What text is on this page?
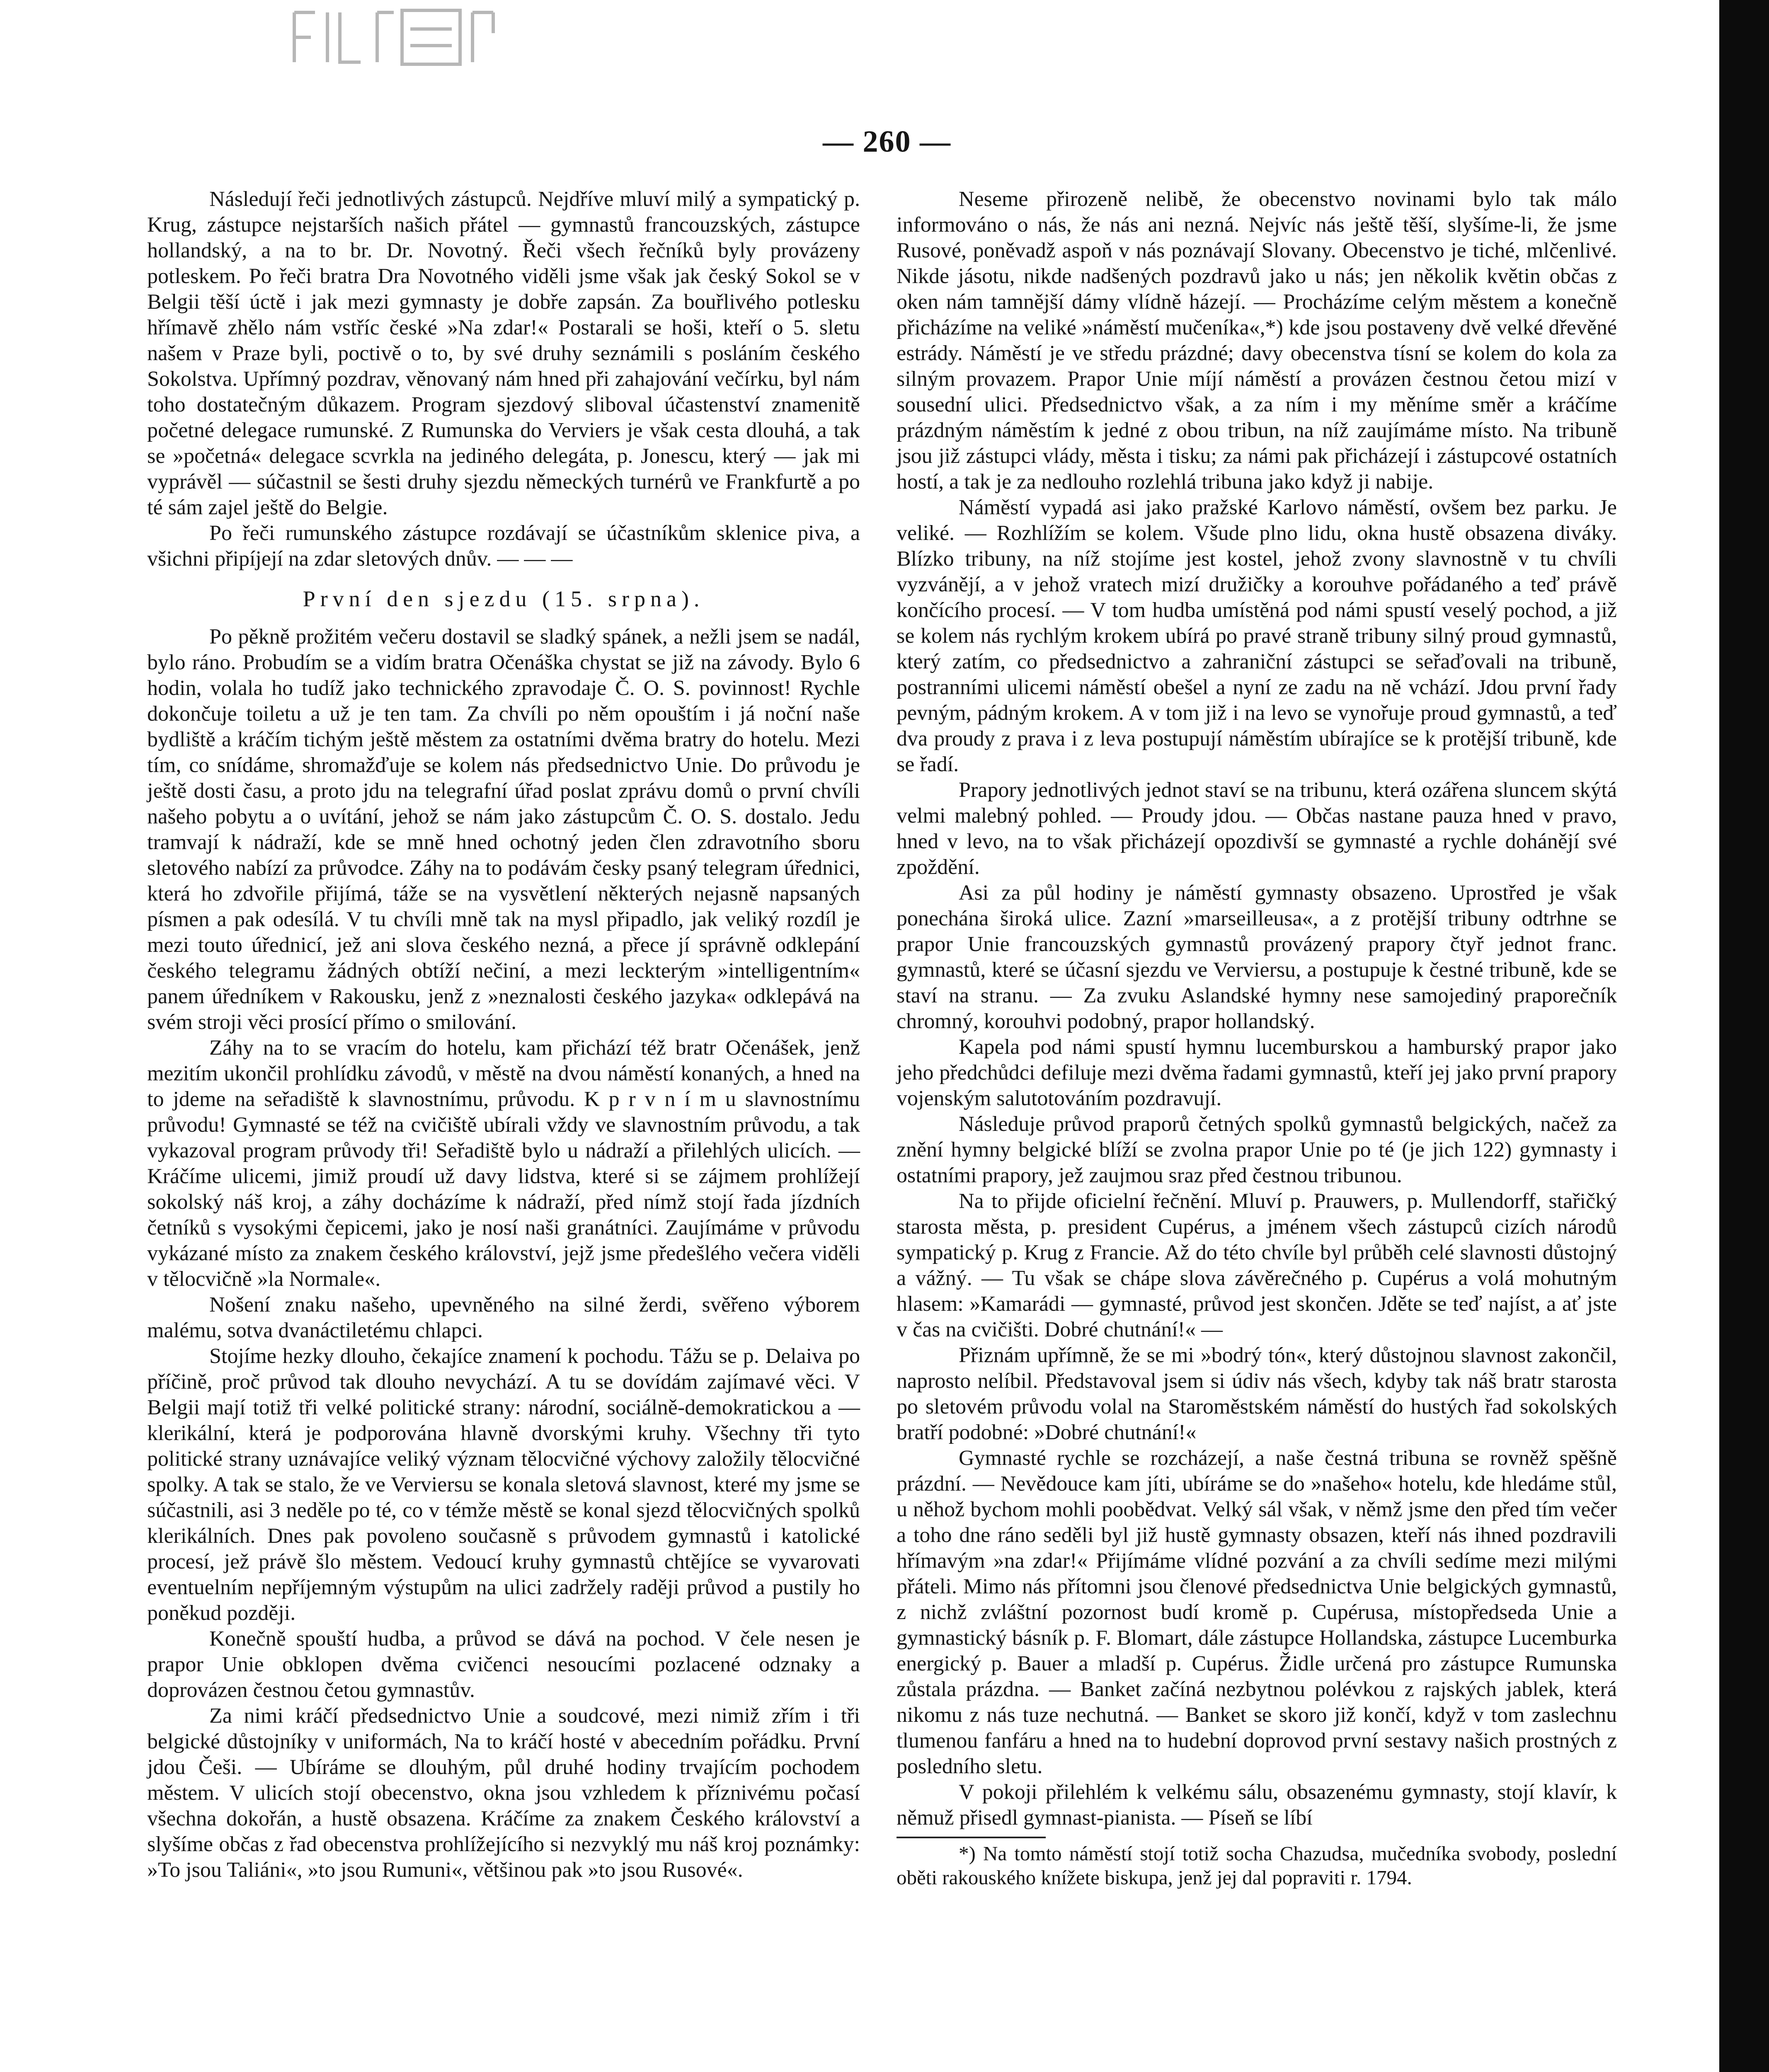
— 260 —

Následují řeči jednotlivých zástupců. Nejdříve mluví milý a sympatický p. Krug, zástupce nejstarších našich přátel — gymnastů francouzských, zástupce hollandský, a na to br. Dr. Novotný. Řeči všech řečníků byly provázeny potleskem. Po řeči bratra Dra Novotného viděli jsme však jak český Sokol se v Belgii těší úctě i jak mezi gymnasty je dobře zapsán. Za bouřlivého potlesku hřímavě zhělo nám vstříc české »Na zdar!« Postarali se hoši, kteří o 5. sletu našem v Praze byli, poctivě o to, by své druhy seznámili s posláním českého Sokolstva. Upřímný pozdrav, věnovaný nám hned při zahajování večírku, byl nám toho dostatečným důkazem. Program sjezdový sliboval účastenství znamenitě početné delegace rumunské. Z Rumunska do Verviers je však cesta dlouhá, a tak se »početná« delegace scvrkla na jediného delegáta, p. Jonescu, který — jak mi vyprávěl — súčastnil se šesti druhy sjezdu německých turnérů ve Frankfurtě a po té sám zajel ještě do Belgie.

Po řeči rumunského zástupce rozdávají se účastníkům sklenice piva, a všichni připíjejí na zdar sletových dnův. — — —

První den sjezdu (15. srpna).

Po pěkně prožitém večeru dostavil se sladký spánek, a nežli jsem se nadál, bylo ráno. Probudím se a vidím bratra Očenáška chystat se již na závody. Bylo 6 hodin, volala ho tudíž jako technického zpravodaje Č. O. S. povinnost! Rychle dokončuje toiletu a už je ten tam. Za chvíli po něm opouštím i já noční naše bydliště a kráčím tichým ještě městem za ostatními dvěma bratry do hotelu. Mezi tím, co snídáme, shromažďuje se kolem nás předsednictvo Unie. Do průvodu je ještě dosti času, a proto jdu na telegrafní úřad poslat zprávu domů o první chvíli našeho pobytu a o uvítání, jehož se nám jako zástupcům Č. O. S. dostalo. Jedu tramvají k nádraží, kde se mně hned ochotný jeden člen zdravotního sboru sletového nabízí za průvodce. Záhy na to podávám česky psaný telegram úřednici, která ho zdvořile přijímá, táže se na vysvětlení některých nejasně napsaných písmen a pak odesílá. V tu chvíli mně tak na mysl připadlo, jak veliký rozdíl je mezi touto úřednicí, jež ani slova českého nezná, a přece jí správně odklepání českého telegramu žádných obtíží nečiní, a mezi leckterým »intelligentním« panem úředníkem v Rakousku, jenž z »neznalosti českého jazyka« odklepává na svém stroji věci prosící přímo o smilování.

Záhy na to se vracím do hotelu, kam přichází též bratr Očenášek, jenž mezitím ukončil prohlídku závodů, v městě na dvou náměstí konaných, a hned na to jdeme na seřadiště k slavnostnímu, průvodu. K p r v n í m u slavnostnímu průvodu! Gymnasté se též na cvičiště ubírali vždy ve slavnostním průvodu, a tak vykazoval program průvody tři! Seřadiště bylo u nádraží a přilehlých ulicích. — Kráčíme ulicemi, jimiž proudí už davy lidstva, které si se zájmem prohlížejí sokolský náš kroj, a záhy docházíme k nádraží, před nímž stojí řada jízdních četníků s vysokými čepicemi, jako je nosí naši granátníci. Zaujímáme v průvodu vykázané místo za znakem českého království, jejž jsme předešlého večera viděli v tělocvičně »la Normale«.

Nošení znaku našeho, upevněného na silné žerdi, svěřeno výborem malému, sotva dvanáctiletému chlapci.

Stojíme hezky dlouho, čekajíce znamení k pochodu. Tážu se p. Delaiva po příčině, proč průvod tak dlouho nevychází. A tu se dovídám zajímavé věci. V Belgii mají totiž tři velké politické strany: národní, sociálně-demokratickou a — klerikální, která je podporována hlavně dvorskými kruhy. Všechny tři tyto politické strany uznávajíce veliký význam tělocvičné výchovy založily tělocvičné spolky. A tak se stalo, že ve Verviersu se konala sletová slavnost, které my jsme se súčastnili, asi 3 neděle po té, co v témže městě se konal sjezd tělocvičných spolků klerikálních. Dnes pak povoleno současně s průvodem gymnastů i katolické procesí, jež právě šlo městem. Vedoucí kruhy gymnastů chtějíce se vyvarovati eventuelním nepříjemným výstupům na ulici zadržely raději průvod a pustily ho poněkud později.

Konečně spouští hudba, a průvod se dává na pochod. V čele nesen je prapor Unie obklopen dvěma cvičenci nesoucími pozlacené odznaky a doprovázen čestnou četou gymnastův.

Za nimi kráčí předsednictvo Unie a soudcové, mezi nimiž zřím i tři belgické důstojníky v uniformách, Na to kráčí hosté v abecedním pořádku. První jdou Češi. — Ubíráme se dlouhým, půl druhé hodiny trvajícím pochodem městem. V ulicích stojí obecenstvo, okna jsou vzhledem k příznivému počasí všechna dokořán, a hustě obsazena. Kráčíme za znakem Českého království a slyšíme občas z řad obecenstva prohlížejícího si nezvyklý mu náš kroj poznámky: »To jsou Taliáni«, »to jsou Rumuni«, většinou pak »to jsou Rusové«.

Neseme přirozeně nelibě, že obecenstvo novinami bylo tak málo informováno o nás, že nás ani nezná. Nejvíc nás ještě těší, slyšíme-li, že jsme Rusové, poněvadž aspoň v nás poznávají Slovany. Obecenstvo je tiché, mlčenlivé. Nikde jásotu, nikde nadšených pozdravů jako u nás; jen několik květin občas z oken nám tamnější dámy vlídně házejí. — Procházíme celým městem a konečně přicházíme na veliké »náměstí mučeníka«,*) kde jsou postaveny dvě velké dřevěné estrády. Náměstí je ve středu prázdné; davy obecenstva tísní se kolem do kola za silným provazem. Prapor Unie míjí náměstí a provázen čestnou četou mizí v sousední ulici. Předsednictvo však, a za ním i my měníme směr a kráčíme prázdným náměstím k jedné z obou tribun, na níž zaujímáme místo. Na tribuně jsou již zástupci vlády, města i tisku; za námi pak přicházejí i zástupcové ostatních hostí, a tak je za nedlouho rozlehlá tribuna jako když ji nabije.

Náměstí vypadá asi jako pražské Karlovo náměstí, ovšem bez parku. Je veliké. — Rozhlížím se kolem. Všude plno lidu, okna hustě obsazena diváky. Blízko tribuny, na níž stojíme jest kostel, jehož zvony slavnostně v tu chvíli vyzvánějí, a v jehož vratech mizí družičky a korouhve pořádaného a teď právě končícího procesí. — V tom hudba umístěná pod námi spustí veselý pochod, a již se kolem nás rychlým krokem ubírá po pravé straně tribuny silný proud gymnastů, který zatím, co předsednictvo a zahraniční zástupci se seřaďovali na tribuně, postranními ulicemi náměstí obešel a nyní ze zadu na ně vchází. Jdou první řady pevným, pádným krokem. A v tom již i na levo se vynořuje proud gymnastů, a teď dva proudy z prava i z leva postupují náměstím ubírajíce se k protější tribuně, kde se řadí.

Prapory jednotlivých jednot staví se na tribunu, která ozářena sluncem skýtá velmi malebný pohled. — Proudy jdou. — Občas nastane pauza hned v pravo, hned v levo, na to však přicházejí opozdivší se gymnasté a rychle dohánějí své zpoždění.

Asi za půl hodiny je náměstí gymnasty obsazeno. Uprostřed je však ponechána široká ulice. Zazní »marseilleusa«, a z protější tribuny odtrhne se prapor Unie francouzských gymnastů provázený prapory čtyř jednot franc. gymnastů, které se účasní sjezdu ve Verviersu, a postupuje k čestné tribuně, kde se staví na stranu. — Za zvuku Aslandské hymny nese samojediný praporečník chromný, korouhvi podobný, prapor hollandský.

Kapela pod námi spustí hymnu lucemburskou a hamburský prapor jako jeho předchůdci defiluje mezi dvěma řadami gymnastů, kteří jej jako první prapory vojenským salutotováním pozdravují.

Následuje průvod praporů četných spolků gymnastů belgických, načež za znění hymny belgické blíží se zvolna prapor Unie po té (je jich 122) gymnasty i ostatními prapory, jež zaujmou sraz před čestnou tribunou.

Na to přijde oficielní řečnění. Mluví p. Prauwers, p. Mullendorff, stařičký starosta města, p. president Cupérus, a jménem všech zástupců cizích národů sympatický p. Krug z Francie. Až do této chvíle byl průběh celé slavnosti důstojný a vážný. — Tu však se chápe slova závěrečného p. Cupérus a volá mohutným hlasem: »Kamarádi — gymnasté, průvod jest skončen. Jděte se teď najíst, a ať jste v čas na cvičišti. Dobré chutnání!« —

Přiznám upřímně, že se mi »bodrý tón«, který důstojnou slavnost zakončil, naprosto nelíbil. Představoval jsem si údiv nás všech, kdyby tak náš bratr starosta po sletovém průvodu volal na Staroměstském náměstí do hustých řad sokolských bratří podobné: »Dobré chutnání!«

Gymnasté rychle se rozcházejí, a naše čestná tribuna se rovněž spěšně prázdní. — Nevědouce kam jíti, ubíráme se do »našeho« hotelu, kde hledáme stůl, u něhož bychom mohli poobědvat. Velký sál však, v němž jsme den před tím večer a toho dne ráno seděli byl již hustě gymnasty obsazen, kteří nás ihned pozdravili hřímavým »na zdar!« Přijímáme vlídné pozvání a za chvíli sedíme mezi milými přáteli. Mimo nás přítomni jsou členové předsednictva Unie belgických gymnastů, z nichž zvláštní pozornost budí kromě p. Cupérusa, místopředseda Unie a gymnastický básník p. F. Blomart, dále zástupce Hollandska, zástupce Lucemburka energický p. Bauer a mladší p. Cupérus. Židle určená pro zástupce Rumunska zůstala prázdna. — Banket začíná nezbytnou polévkou z rajských jablek, která nikomu z nás tuze nechutná. — Banket se skoro již končí, když v tom zaslechnu tlumenou fanfáru a hned na to hudební doprovod první sestavy našich prostných z posledního sletu.

V pokoji přilehlém k velkému sálu, obsazenému gymnasty, stojí klavír, k němuž přisedl gymnast-pianista. — Píseň se líbí

*) Na tomto náměstí stojí totiž socha Chazudsa, mučedníka svobody, poslední oběti rakouského knížete biskupa, jenž jej dal popraviti r. 1794.
